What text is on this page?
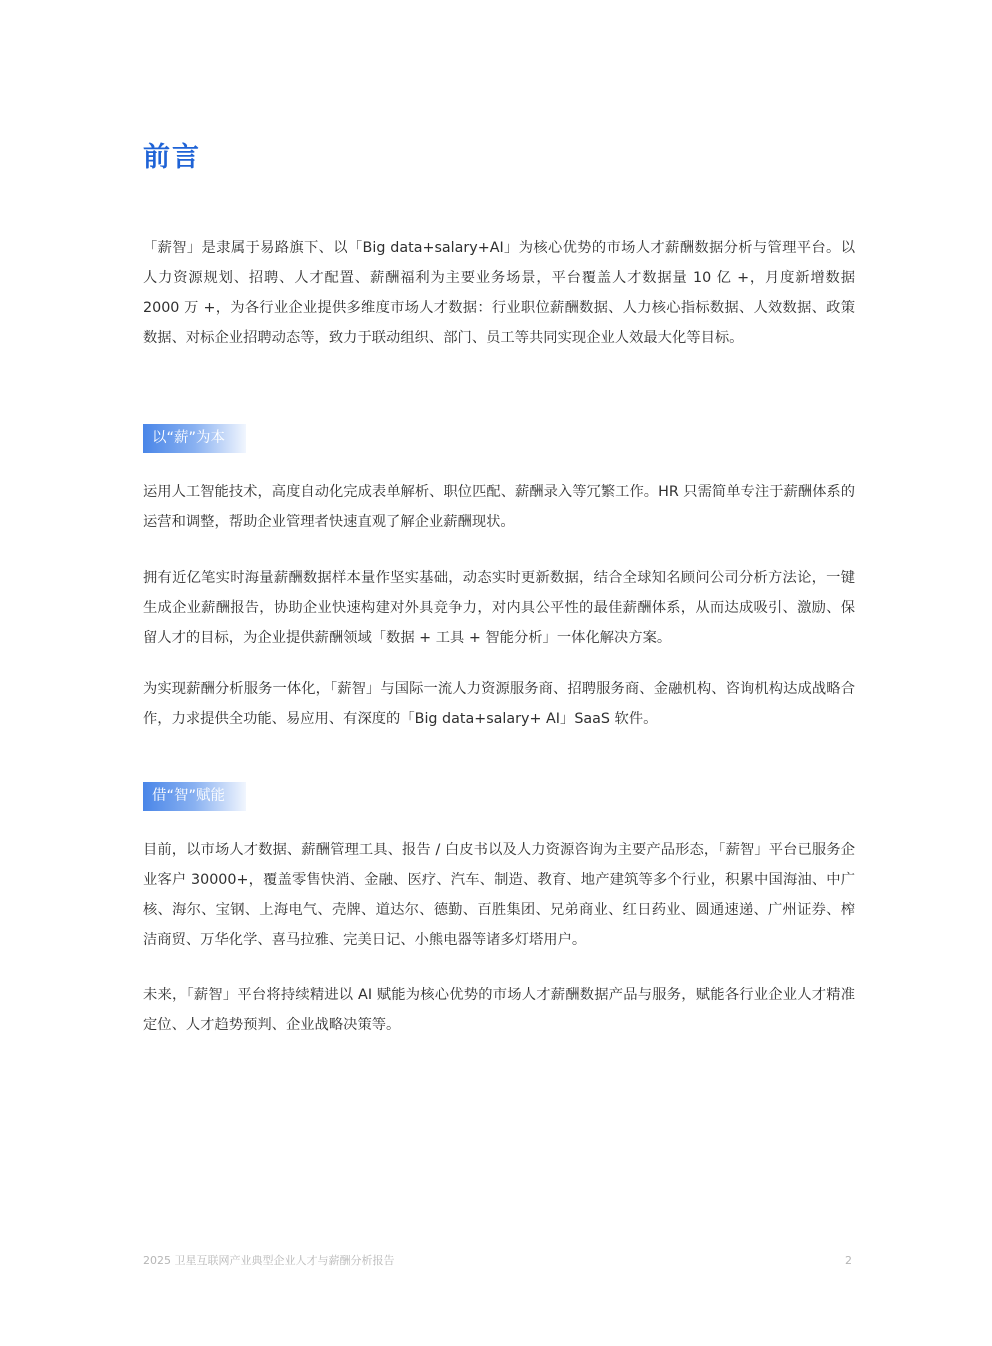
前言

「薪智」是隶属于易路旗下、以「Big data+salary+AI」为核心优势的市场人才薪酬数据分析与管理平台。以人力资源规划、招聘、人才配置、薪酬福利为主要业务场景，平台覆盖人才数据量 10 亿 +，月度新增数据 2000 万 +，为各行业企业提供多维度市场人才数据：行业职位薪酬数据、人力核心指标数据、人效数据、政策数据、对标企业招聘动态等，致力于联动组织、部门、员工等共同实现企业人效最大化等目标。

以“薪”为本

运用人工智能技术，高度自动化完成表单解析、职位匹配、薪酬录入等冗繁工作。HR 只需简单专注于薪酬体系的运营和调整，帮助企业管理者快速直观了解企业薪酬现状。

拥有近亿笔实时海量薪酬数据样本量作坚实基础，动态实时更新数据，结合全球知名顾问公司分析方法论，一键生成企业薪酬报告，协助企业快速构建对外具竞争力，对内具公平性的最佳薪酬体系，从而达成吸引、激励、保留人才的目标，为企业提供薪酬领域「数据 + 工具 + 智能分析」一体化解决方案。

为实现薪酬分析服务一体化，「薪智」与国际一流人力资源服务商、招聘服务商、金融机构、咨询机构达成战略合作，力求提供全功能、易应用、有深度的「Big data+salary+ AI」SaaS 软件。

借“智”赋能

目前，以市场人才数据、薪酬管理工具、报告 / 白皮书以及人力资源咨询为主要产品形态，「薪智」平台已服务企业客户 30000+，覆盖零售快消、金融、医疗、汽车、制造、教育、地产建筑等多个行业，积累中国海油、中广核、海尔、宝钢、上海电气、壳牌、道达尔、德勤、百胜集团、兄弟商业、红日药业、圆通速递、广州证券、榨洁商贸、万华化学、喜马拉雅、完美日记、小熊电器等诸多灯塔用户。

未来，「薪智」平台将持续精进以 AI 赋能为核心优势的市场人才薪酬数据产品与服务，赋能各行业企业人才精准定位、人才趋势预判、企业战略决策等。

2025 卫星互联网产业典型企业人才与薪酬分析报告	2
